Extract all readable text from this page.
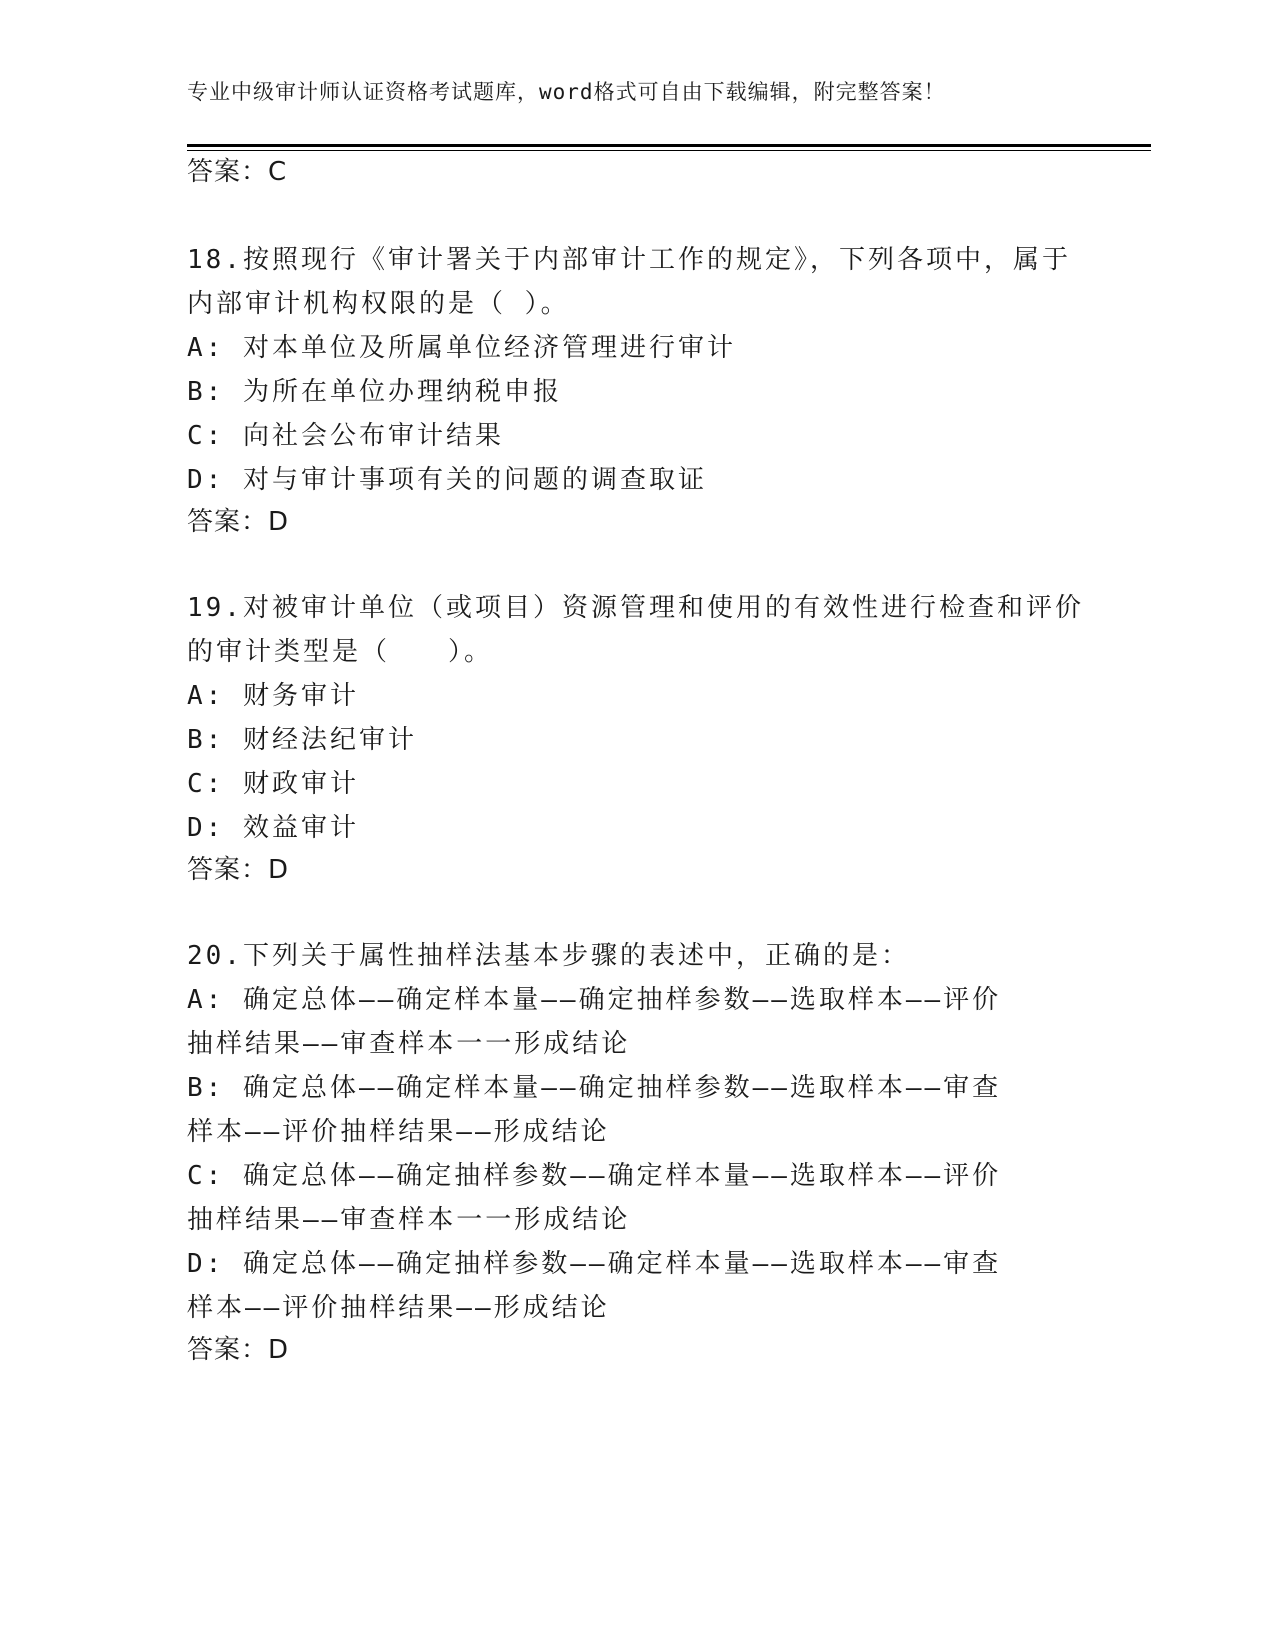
专业中级审计师认证资格考试题库，word格式可自由下载编辑，附完整答案！
答案：C
18.按照现行《审计署关于内部审计工作的规定》，下列各项中，属于
内部审计机构权限的是（ ）。
A: 对本单位及所属单位经济管理进行审计
B: 为所在单位办理纳税申报
C: 向社会公布审计结果
D: 对与审计事项有关的问题的调查取证
答案：D
19.对被审计单位（或项目）资源管理和使用的有效性进行检查和评价
的审计类型是（　　）。
A: 财务审计
B: 财经法纪审计
C: 财政审计
D: 效益审计
答案：D
20.下列关于属性抽样法基本步骤的表述中，正确的是：
A: 确定总体——确定样本量——确定抽样参数——选取样本——评价
抽样结果——审查样本一一形成结论
B: 确定总体——确定样本量——确定抽样参数——选取样本——审查
样本——评价抽样结果——形成结论
C: 确定总体——确定抽样参数——确定样本量——选取样本——评价
抽样结果——审查样本一一形成结论
D: 确定总体——确定抽样参数——确定样本量——选取样本——审查
样本——评价抽样结果——形成结论
答案：D
